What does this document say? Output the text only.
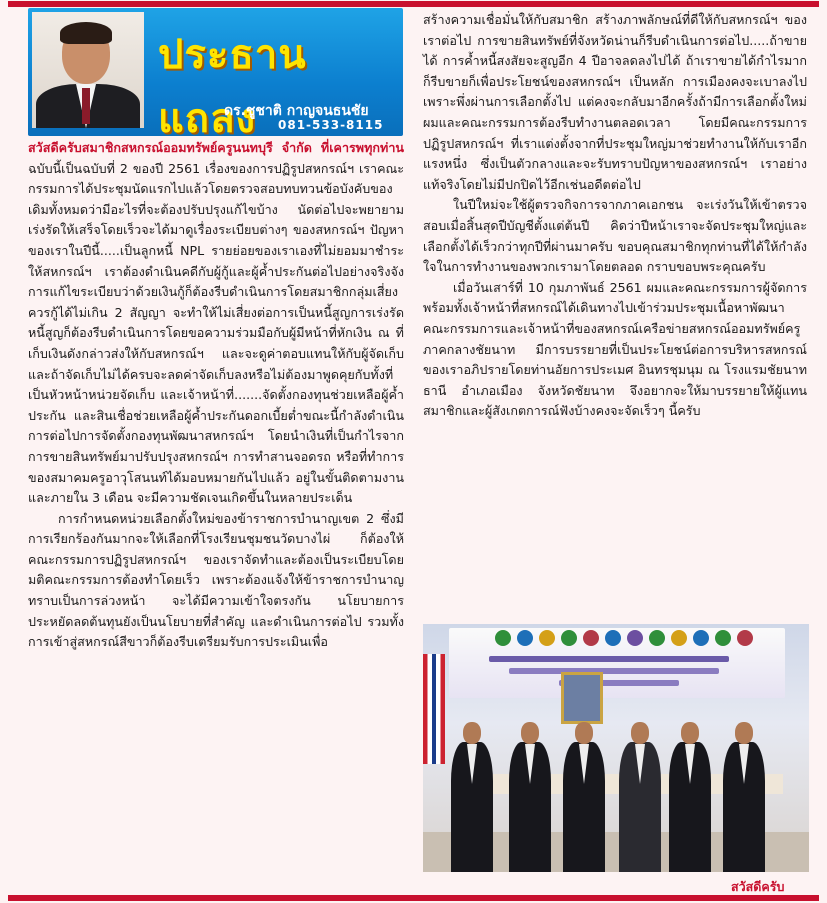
ประธานแถลง
ดร.ชูชาติ กาญจนธนชัย
081-533-8115

สวัสดีครับสมาชิกสหกรณ์ออมทรัพย์ครูนนทบุรี จำกัด ที่เคารพทุกท่าน ฉบับนี้เป็นฉบับที่ 2 ของปี 2561 เรื่องของการปฏิรูปสหกรณ์ฯ เราคณะกรรมการได้ประชุมนัดแรกไปแล้วโดยตรวจสอบทบทวนข้อบังคับของเดิมทั้งหมดว่ามีอะไรที่จะต้องปรับปรุงแก้ไขบ้าง นัดต่อไปจะพยายามเร่งรัดให้เสร็จโดยเร็วจะได้มาดูเรื่องระเบียบต่างๆ ของสหกรณ์ฯ ปัญหาของเราในปีนี้.....เป็นลูกหนี้ NPL รายย่อยของเราเองที่ไม่ยอมมาชำระให้สหกรณ์ฯ เราต้องดำเนินคดีกับผู้กู้และผู้ค้ำประกันต่อไปอย่างจริงจังการแก้ไขระเบียบว่าด้วยเงินกู้ก็ต้องรีบดำเนินการโดยสมาชิกกลุ่มเสี่ยงควรกู้ได้ไม่เกิน 2 สัญญา จะทำให้ไม่เสี่ยงต่อการเป็นหนี้สูญการเร่งรัดหนี้สูญก็ต้องรีบดำเนินการโดยขอความร่วมมือกับผู้มีหน้าที่หักเงิน ณ ที่เก็บเงินดังกล่าวส่งให้กับสหกรณ์ฯ และจะดูค่าตอบแทนให้กับผู้จัดเก็บและถ้าจัดเก็บไม่ได้ครบจะลดค่าจัดเก็บลงหรือไม่ต้องมาพูดคุยกับทั้งที่เป็นหัวหน้าหน่วยจัดเก็บ และเจ้าหน้าที่.......จัดตั้งกองทุนช่วยเหลือผู้ค้ำประกัน และสินเชื่อช่วยเหลือผู้ค้ำประกันดอกเบี้ยต่ำขณะนี้กำลังดำเนินการต่อไปการจัดตั้งกองทุนพัฒนาสหกรณ์ฯ โดยนำเงินที่เป็นกำไรจากการขายสินทรัพย์มาปรับปรุงสหกรณ์ฯ การทำสานจอดรถ หรือที่ทำการของสมาคมครูอาวุโสนนท์ได้มอบหมายกันไปแล้ว อยู่ในขั้นติดตามงาน และภายใน 3 เดือน จะมีความชัดเจนเกิดขึ้นในหลายประเด็น

การกำหนดหน่วยเลือกตั้งใหม่ของข้าราชการบำนาญเขต 2 ซึ่งมีการเรียกร้องกันมากจะให้เลือกที่โรงเรียนชุมชนวัดบางไผ่ ก็ต้องให้คณะกรรมการปฏิรูปสหกรณ์ฯ ของเราจัดทำและต้องเป็นระเบียบโดยมติคณะกรรมการต้องทำโดยเร็ว เพราะต้องแจ้งให้ข้าราชการบำนาญทราบเป็นการล่วงหน้า จะได้มีความเข้าใจตรงกัน นโยบายการประหยัดลดต้นทุนยังเป็นนโยบายที่สำคัญ และดำเนินการต่อไป รวมทั้งการเข้าสู่สหกรณ์สีขาวก็ต้องรีบเตรียมรับการประเมินเพื่อ

สร้างความเชื่อมั่นให้กับสมาชิก สร้างภาพลักษณ์ที่ดีให้กับสหกรณ์ฯ ของเราต่อไป การขายสินทรัพย์ที่จังหวัดน่านก็รีบดำเนินการต่อไป.....ถ้าขายได้ การค้ำหนี้สงสัยจะสูญอีก 4 ปีอาจลดลงไปได้ ถ้าเราขายได้กำไรมากก็รีบขายก็เพื่อประโยชน์ของสหกรณ์ฯ เป็นหลัก การเมืองคงจะเบาลงไปเพราะพึ่งผ่านการเลือกตั้งไป แต่คงจะกลับมาอีกครั้งถ้ามีการเลือกตั้งใหม่ ผมและคณะกรรมการต้องรีบทำงานตลอดเวลา โดยมีคณะกรรมการปฏิรูปสหกรณ์ฯ ที่เราแต่งตั้งจากที่ประชุมใหญ่มาช่วยทำงานให้กับเราอีกแรงหนึ่ง ซึ่งเป็นตัวกลางและจะรับทราบปัญหาของสหกรณ์ฯ เราอย่างแท้จริงโดยไม่มีปกปิดไว้อีกเช่นอดีตต่อไป

ในปีใหม่จะใช้ผู้ตรวจกิจการจากภาคเอกชน จะเร่งวันให้เข้าตรวจสอบเมื่อสิ้นสุดปีบัญชีตั้งแต่ต้นปี คิดว่าปีหน้าเราจะจัดประชุมใหญ่และเลือกตั้งได้เร็วกว่าทุกปีที่ผ่านมาครับ ขอบคุณสมาชิกทุกท่านที่ได้ให้กำลังใจในการทำงานของพวกเรามาโดยตลอด กราบขอบพระคุณครับ

เมื่อวันเสาร์ที่ 10 กุมภาพันธ์ 2561 ผมและคณะกรรมการผู้จัดการพร้อมทั้งเจ้าหน้าที่สหกรณ์ได้เดินทางไปเข้าร่วมประชุมเนื้อหาพัฒนาคณะกรรมการและเจ้าหน้าที่ของสหกรณ์เครือข่ายสหกรณ์ออมทรัพย์ครูภาคกลางชัยนาท มีการบรรยายที่เป็นประโยชน์ต่อการบริหารสหกรณ์ของเราอภิปรายโดยท่านอัยการประเมศ อินทรชุมนุม ณ โรงแรมชัยนาทธานี อำเภอเมือง จังหวัดชัยนาท จึงอยากจะให้มาบรรยายให้ผู้แทนสมาชิกและผู้สังเกตการณ์ฟังบ้างคงจะจัดเร็วๆ นี้ครับ

สวัสดีครับ
